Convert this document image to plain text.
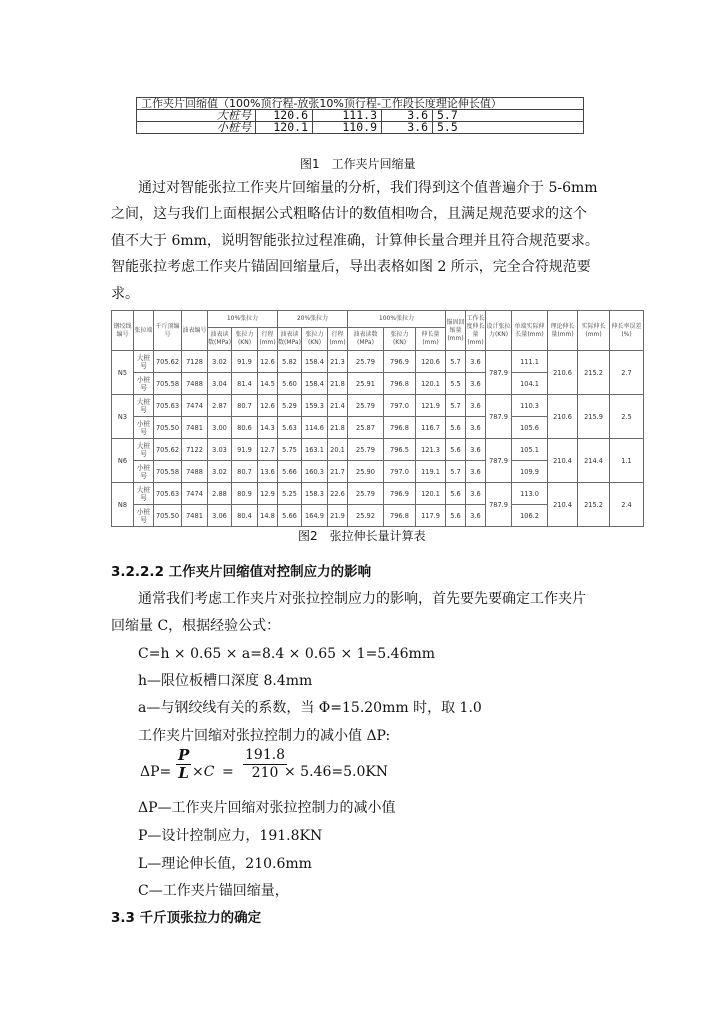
工作夹片回缩值（100%顶行程-放张10%顶行程-工作段长度理论伸长值）				
大桩号	120.6	111.3	3.6	5.7
小桩号	120.1	110.9	3.6	5.5
图1　工作夹片回缩量
通过对智能张拉工作夹片回缩量的分析，我们得到这个值普遍介于 5-6mm
之间，这与我们上面根据公式粗略估计的数值相吻合，且满足规范要求的这个
值不大于 6mm，说明智能张拉过程准确，计算伸长量合理并且符合规范要求。
智能张拉考虑工作夹片锚固回缩量后，导出表格如图 2 所示，完全合符规范要
求。
钢绞线编号	张拉端	千斤顶编号	油表编号	10%张拉力			20%张拉力			100%张拉力			锚固回缩量(mm)	工作长度伸长量(mm)	设计张拉力(KN)	单端实际伸长量(mm)	理论伸长量(mm)	实际伸长(mm)	伸长率误差(%)
				油表读数(MPa)	张拉力(KN)	行程(mm)	油表读数(MPa)	张拉力(KN)	行程(mm)	油表读数(MPa)	张拉力(KN)	伸长量(mm)							
N5	大桩号	705.62	7128	3.02	91.9	12.6	5.82	158.4	21.3	25.79	796.9	120.6	5.7	3.6	787.9	111.1	210.6	215.2	2.7
	小桩号	705.58	7488	3.04	81.4	14.5	5.60	158.4	21.8	25.91	796.8	120.1	5.5	3.6		104.1			
N3	大桩号	705.63	7474	2.87	80.7	12.6	5.29	159.3	21.4	25.79	797.0	121.9	5.7	3.6	787.9	110.3	210.6	215.9	2.5
	小桩号	705.50	7481	3.00	80.6	14.3	5.63	114.6	21.8	25.87	796.8	116.7	5.6	3.6		105.6			
N6	大桩号	705.62	7122	3.03	91.9	12.7	5.75	163.1	20.1	25.79	796.5	121.3	5.6	3.6	787.9	105.1	210.4	214.4	1.1
	小桩号	705.58	7488	3.02	80.7	13.6	5.66	160.3	21.7	25.90	797.0	119.1	5.7	3.6		109.9			
N8	大桩号	705.63	7474	2.88	80.9	12.9	5.25	158.3	22.6	25.79	796.9	120.1	5.6	3.6	787.9	113.0	210.4	215.2	2.4
	小桩号	705.50	7481	3.06	80.4	14.8	5.66	164.9	21.9	25.92	796.8	117.9	5.6	3.6		106.2			
图2　张拉伸长量计算表
3.2.2.2 工作夹片回缩值对控制应力的影响
通常我们考虑工作夹片对张拉控制应力的影响，首先要先要确定工作夹片
回缩量 C，根据经验公式：
C=h × 0.65 × a=8.4 × 0.65 × 1=5.46mm
h—限位板槽口深度 8.4mm
a—与钢绞线有关的系数，当 Φ=15.20mm 时，取 1.0
工作夹片回缩对张拉控制力的减小值 ΔP:
$\Delta P= \frac{P}{L} \times C = \frac{191.8}{210}$
× 5.46=5.0KN
ΔP—工作夹片回缩对张拉控制力的减小值
P—设计控制应力，191.8KN
L—理论伸长值，210.6mm
C—工作夹片锚回缩量，
3.3 千斤顶张拉力的确定
